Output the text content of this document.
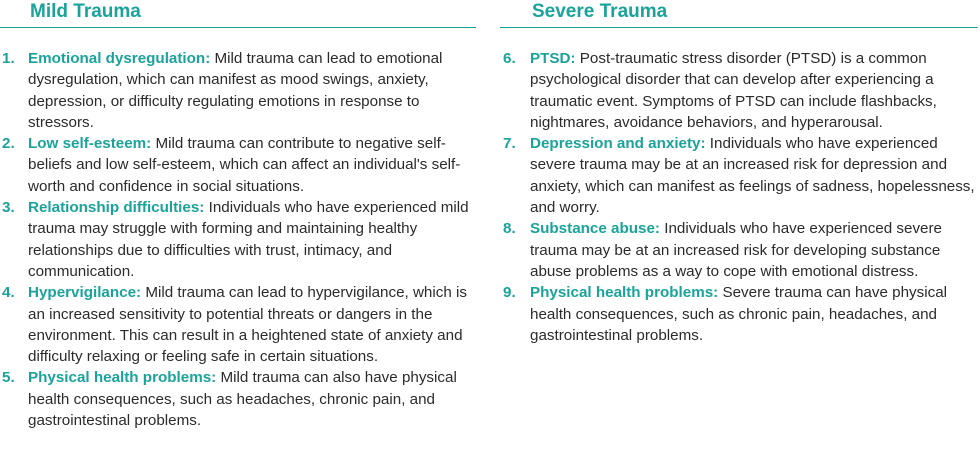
Mild Trauma
1. Emotional dysregulation: Mild trauma can lead to emotional dysregulation, which can manifest as mood swings, anxiety, depression, or difficulty regulating emotions in response to stressors.
2. Low self-esteem: Mild trauma can contribute to negative self-beliefs and low self-esteem, which can affect an individual's self-worth and confidence in social situations.
3. Relationship difficulties: Individuals who have experienced mild trauma may struggle with forming and maintaining healthy relationships due to difficulties with trust, intimacy, and communication.
4. Hypervigilance: Mild trauma can lead to hypervigilance, which is an increased sensitivity to potential threats or dangers in the environment. This can result in a heightened state of anxiety and difficulty relaxing or feeling safe in certain situations.
5. Physical health problems: Mild trauma can also have physical health consequences, such as headaches, chronic pain, and gastrointestinal problems.
Severe Trauma
6. PTSD: Post-traumatic stress disorder (PTSD) is a common psychological disorder that can develop after experiencing a traumatic event. Symptoms of PTSD can include flashbacks, nightmares, avoidance behaviors, and hyperarousal.
7. Depression and anxiety: Individuals who have experienced severe trauma may be at an increased risk for depression and anxiety, which can manifest as feelings of sadness, hopelessness, and worry.
8. Substance abuse: Individuals who have experienced severe trauma may be at an increased risk for developing substance abuse problems as a way to cope with emotional distress.
9. Physical health problems: Severe trauma can have physical health consequences, such as chronic pain, headaches, and gastrointestinal problems.
